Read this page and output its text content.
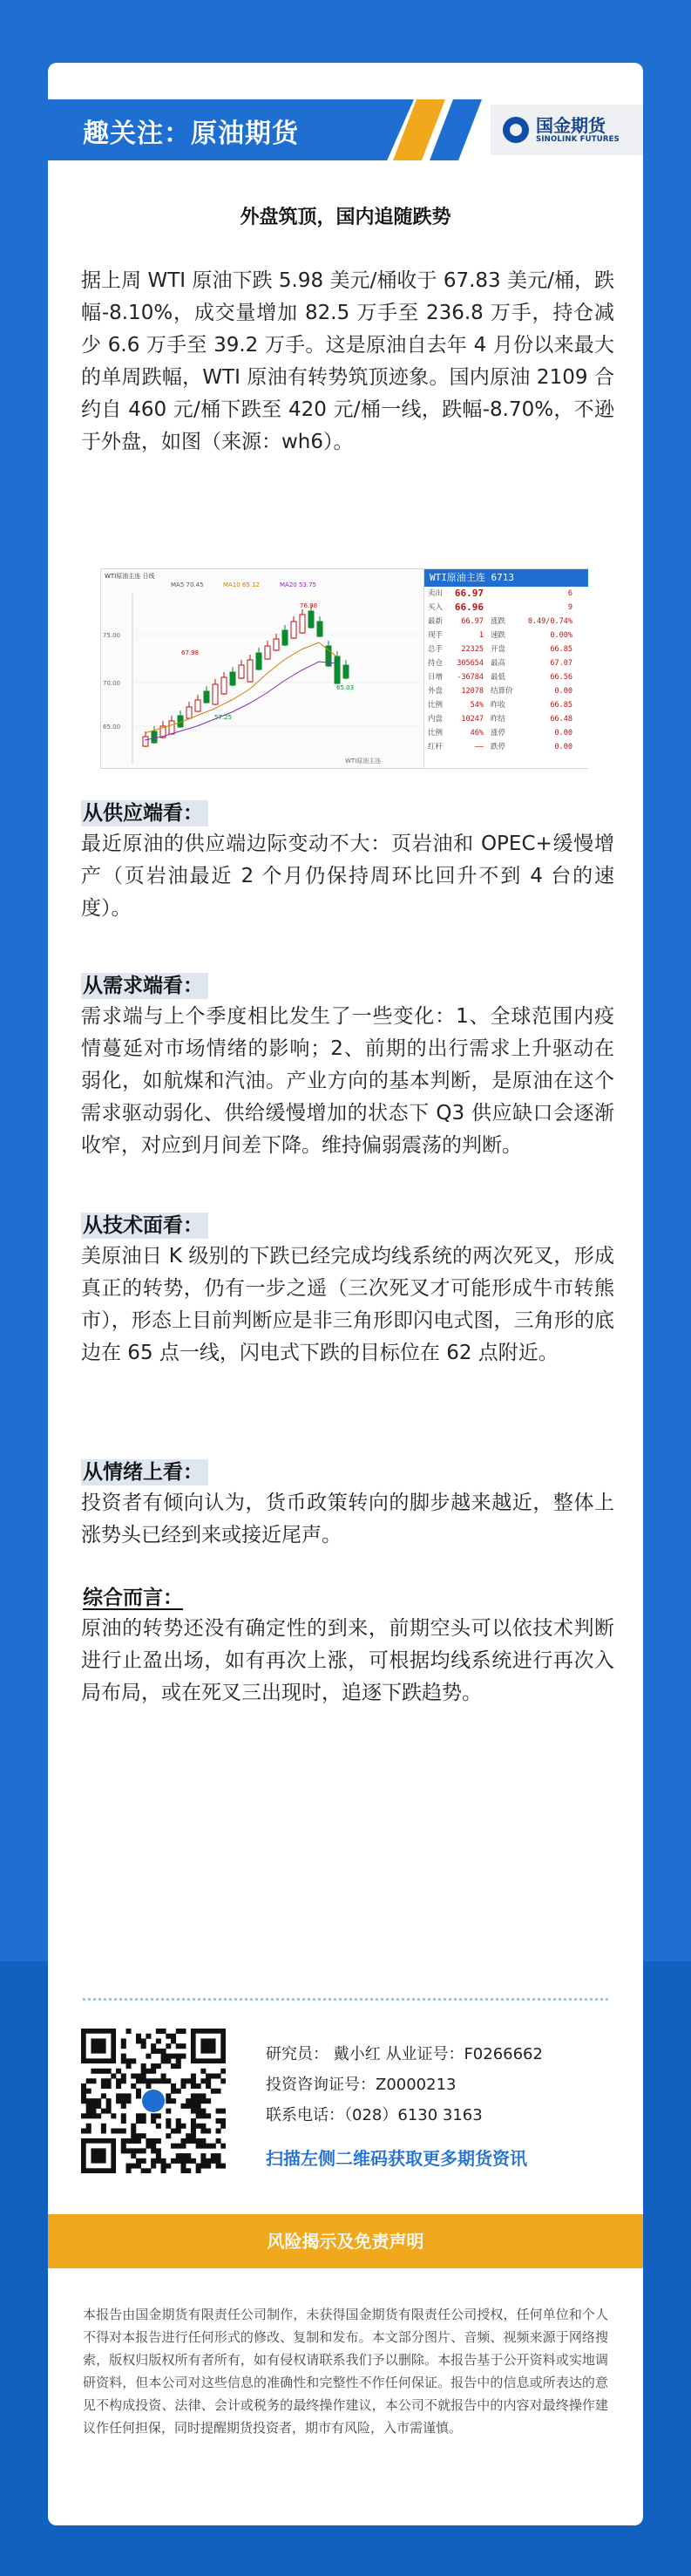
趣关注：原油期货	国金期货
SINOLINK FUTURES
外盘筑顶，国内追随跌势
据上周 WTI 原油下跌 5.98 美元/桶收于 67.83 美元/桶，跌幅-8.10%，成交量增加 82.5 万手至 236.8 万手，持仓减少 6.6 万手至 39.2 万手。这是原油自去年 4 月份以来最大的单周跌幅，WTI 原油有转势筑顶迹象。国内原油 2109 合约自 460 元/桶下跌至 420 元/桶一线，跌幅-8.70%，不逊于外盘，如图（来源：wh6）。
WTI原油主连 日线
MA5 70.45	MA10 65.12	MA20 53.75
75.00
70.00
65.00
76.98
67.98
57.25
65.03
WTI原油主连
WTI原油主连 6713
卖出	66.97	6
买入	66.96	9
最新	66.97 涨跌	0.49/0.74%
现手	1 速跌	0.00%
总手	22325 开盘	66.85
持仓	305654 最高	67.07
日增	-36784 最低	66.56
外盘	12078 结算价	0.00
比例	54% 昨收	66.85
内盘	10247 昨结	66.48
比例	46% 涨停	0.00
红杆	—— 跌停	0.00
从供应端看：
最近原油的供应端边际变动不大：页岩油和 OPEC+缓慢增产（页岩油最近 2 个月仍保持周环比回升不到 4 台的速度）。
从需求端看：
需求端与上个季度相比发生了一些变化：1、全球范围内疫情蔓延对市场情绪的影响；2、前期的出行需求上升驱动在弱化，如航煤和汽油。产业方向的基本判断，是原油在这个需求驱动弱化、供给缓慢增加的状态下 Q3 供应缺口会逐渐收窄，对应到月间差下降。维持偏弱震荡的判断。
从技术面看：
美原油日 K 级别的下跌已经完成均线系统的两次死叉，形成真正的转势，仍有一步之遥（三次死叉才可能形成牛市转熊市），形态上目前判断应是非三角形即闪电式图，三角形的底边在 65 点一线，闪电式下跌的目标位在 62 点附近。
从情绪上看：
投资者有倾向认为，货币政策转向的脚步越来越近，整体上涨势头已经到来或接近尾声。
综合而言：
原油的转势还没有确定性的到来，前期空头可以依技术判断进行止盈出场，如有再次上涨，可根据均线系统进行再次入局布局，或在死叉三出现时，追逐下跌趋势。
研究员： 戴小红 从业证号：F0266662
投资咨询证号：Z0000213
联系电话：（028）6130 3163
扫描左侧二维码获取更多期货资讯
风险揭示及免责声明
本报告由国金期货有限责任公司制作，未获得国金期货有限责任公司授权，任何单位和个人不得对本报告进行任何形式的修改、复制和发布。本文部分图片、音频、视频来源于网络搜索，版权归版权所有者所有，如有侵权请联系我们予以删除。本报告基于公开资料或实地调研资料，但本公司对这些信息的准确性和完整性不作任何保证。报告中的信息或所表达的意见不构成投资、法律、会计或税务的最终操作建议，本公司不就报告中的内容对最终操作建议作任何担保，同时提醒期货投资者，期市有风险，入市需谨慎。
